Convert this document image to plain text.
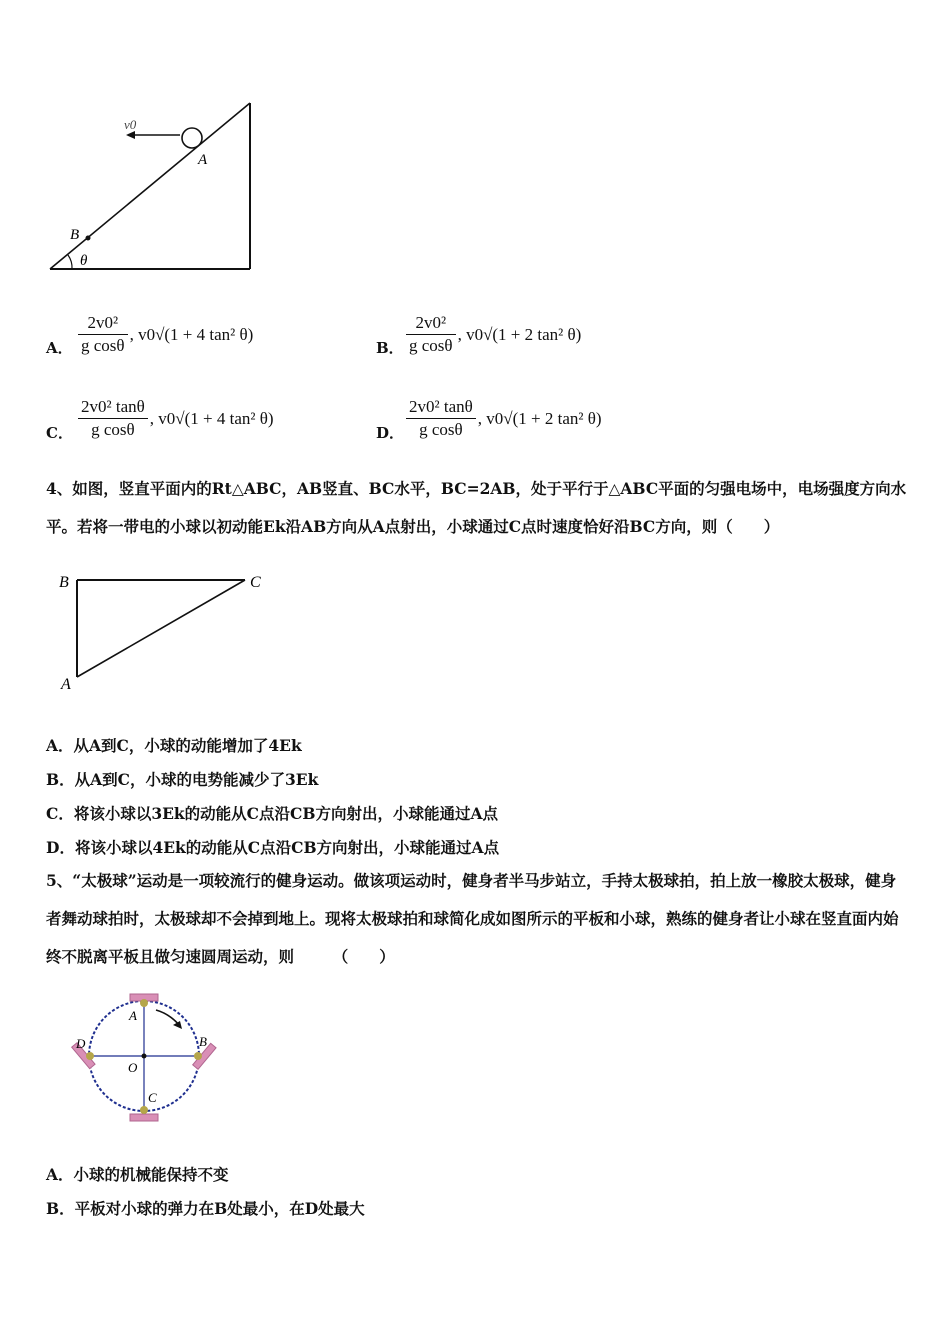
v0
A
B
θ
A． $\frac{\text{2v0²}}{\text{g cosθ}}$ , v0√(1 + 4 tan² θ)
B． $\frac{\text{2v0²}}{\text{g cosθ}}$ , v0√(1 + 2 tan² θ)
C． $\frac{\text{2v0² tanθ}}{\text{g cosθ}}$ , v0√(1 + 4 tan² θ)
D． $\frac{\text{2v0² tanθ}}{\text{g cosθ}}$ , v0√(1 + 2 tan² θ)
4、如图，竖直平面内的Rt△ABC，AB竖直、BC水平，BC=2AB，处于平行于△ABC平面的匀强电场中，电场强度方向水平。若将一带电的小球以初动能Ek沿AB方向从A点射出，小球通过C点时速度恰好沿BC方向，则（　　）
B	C
A
A．从A到C，小球的动能增加了4Ek
B．从A到C，小球的电势能减少了3Ek
C．将该小球以3Ek的动能从C点沿CB方向射出，小球能通过A点
D．将该小球以4Ek的动能从C点沿CB方向射出，小球能通过A点
5、“太极球”运动是一项较流行的健身运动。做该项运动时，健身者半马步站立，手持太极球拍，拍上放一橡胶太极球，健身者舞动球拍时，太极球却不会掉到地上。现将太极球拍和球简化成如图所示的平板和小球，熟练的健身者让小球在竖直面内始终不脱离平板且做匀速圆周运动，则　　　（　　）
A
B
C
D
O
A．小球的机械能保持不变
B．平板对小球的弹力在B处最小，在D处最大
